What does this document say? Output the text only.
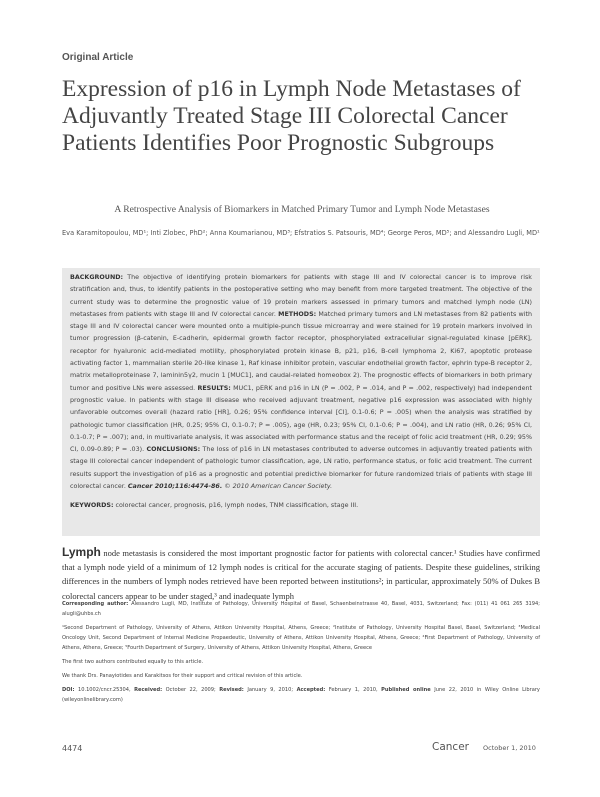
Original Article
Expression of p16 in Lymph Node Metastases of Adjuvantly Treated Stage III Colorectal Cancer Patients Identifies Poor Prognostic Subgroups
A Retrospective Analysis of Biomarkers in Matched Primary Tumor and Lymph Node Metastases
Eva Karamitopoulou, MD¹; Inti Zlobec, PhD²; Anna Koumarianou, MD³; Efstratios S. Patsouris, MD⁴; George Peros, MD⁵; and Alessandro Lugli, MD¹

BACKGROUND: The objective of identifying protein biomarkers for patients with stage III and IV colorectal cancer is to improve risk stratification and, thus, to identify patients in the postoperative setting who may benefit from more targeted treatment. The objective of the current study was to determine the prognostic value of 19 protein markers assessed in primary tumors and matched lymph node (LN) metastases from patients with stage III and IV colorectal cancer. METHODS: Matched primary tumors and LN metastases from 82 patients with stage III and IV colorectal cancer were mounted onto a multiple-punch tissue microarray and were stained for 19 protein markers involved in tumor progression (β-catenin, E-cadherin, epidermal growth factor receptor, phosphorylated extracellular signal-regulated kinase [pERK], receptor for hyaluronic acid-mediated motility, phosphorylated protein kinase B, p21, p16, B-cell lymphoma 2, Ki67, apoptotic protease activating factor 1, mammalian sterile 20-like kinase 1, Raf kinase inhibitor protein, vascular endothelial growth factor, ephrin type-B receptor 2, matrix metalloproteinase 7, laminin5γ2, mucin 1 [MUC1], and caudal-related homeobox 2). The prognostic effects of biomarkers in both primary tumor and positive LNs were assessed. RESULTS: MUC1, pERK and p16 in LN (P = .002, P = .014, and P = .002, respectively) had independent prognostic value. In patients with stage III disease who received adjuvant treatment, negative p16 expression was associated with highly unfavorable outcomes overall (hazard ratio [HR], 0.26; 95% confidence interval [CI], 0.1-0.6; P = .005) when the analysis was stratified by pathologic tumor classification (HR, 0.25; 95% CI, 0.1-0.7; P = .005), age (HR, 0.23; 95% CI, 0.1-0.6; P = .004), and LN ratio (HR, 0.26; 95% CI, 0.1-0.7; P = .007); and, in multivariate analysis, it was associated with performance status and the receipt of folic acid treatment (HR, 0.29; 95% CI, 0.09-0.89; P = .03). CONCLUSIONS: The loss of p16 in LN metastases contributed to adverse outcomes in adjuvantly treated patients with stage III colorectal cancer independent of pathologic tumor classification, age, LN ratio, performance status, or folic acid treatment. The current results support the investigation of p16 as a prognostic and potential predictive biomarker for future randomized trials of patients with stage III colorectal cancer. Cancer 2010;116:4474-86. © 2010 American Cancer Society.

KEYWORDS: colorectal cancer, prognosis, p16, lymph nodes, TNM classification, stage III.

Lymph node metastasis is considered the most important prognostic factor for patients with colorectal cancer.¹ Studies have confirmed that a lymph node yield of a minimum of 12 lymph nodes is critical for the accurate staging of patients. Despite these guidelines, striking differences in the numbers of lymph nodes retrieved have been reported between institutions²; in particular, approximately 50% of Dukes B colorectal cancers appear to be under staged,³ and inadequate lymph

Corresponding author: Alessandro Lugli, MD, Institute of Pathology, University Hospital of Basel, Schaenbeinstrasse 40, Basel, 4031, Switzerland; Fax: (011) 41 061 265 3194; alugli@uhbs.ch

¹Second Department of Pathology, University of Athens, Attikon University Hospital, Athens, Greece; ²Institute of Pathology, University Hospital Basel, Basel, Switzerland; ³Medical Oncology Unit, Second Department of Internal Medicine Propaedeutic, University of Athens, Attikon University Hospital, Athens, Greece; ⁴First Department of Pathology, University of Athens, Athens, Greece; ⁵Fourth Department of Surgery, University of Athens, Attikon University Hospital, Athens, Greece

The first two authors contributed equally to this article.

We thank Drs. Panayiotides and Karakitsos for their support and critical revision of this article.

DOI: 10.1002/cncr.25304, Received: October 22, 2009; Revised: January 9, 2010; Accepted: February 1, 2010, Published online June 22, 2010 in Wiley Online Library (wileyonlinelibrary.com)

4474	Cancer October 1, 2010
